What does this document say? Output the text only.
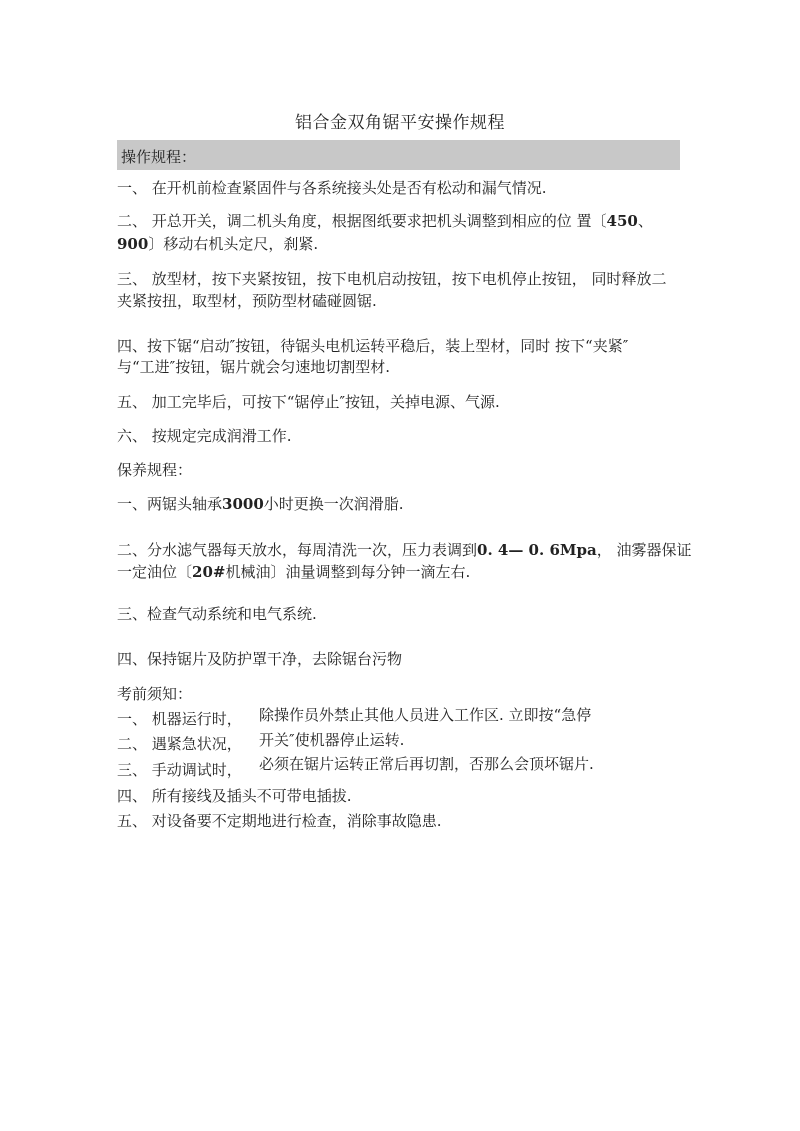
铝合金双角锯平安操作规程
操作规程：
一、 在开机前检查紧固件与各系统接头处是否有松动和漏气情况.
二、 开总开关，调二机头角度，根据图纸要求把机头调整到相应的位 置〔450、
900〕移动右机头定尺，刹紧.
三、 放型材，按下夹紧按钮，按下电机启动按钮，按下电机停止按钮， 同时释放二
夹紧按扭，取型材，预防型材磕碰圆锯.
四、按下锯“启动″按钮，待锯头电机运转平稳后，装上型材，同时 按下“夹紧″
与“工进″按钮，锯片就会匀速地切割型材.
五、 加工完毕后，可按下“锯停止″按钮，关掉电源、气源.
六、 按规定完成润滑工作.
保养规程：
一、两锯头轴承3000小时更换一次润滑脂.
二、分水滤气器每天放水，每周清洗一次，压力表调到0. 4— 0. 6Mpa， 油雾器保证
一定油位〔20#机械油〕油量调整到每分钟一滴左右.
三、检查气动系统和电气系统.
四、保持锯片及防护罩干净，去除锯台污物
考前须知：
一、 机器运行时， 除操作员外禁止其他人员进入工作区. 立即按“急停
二、 遇紧急状况， 开关″使机器停止运转.
三、 手动调试时， 必须在锯片运转正常后再切割，否那么会顶坏锯片.
四、 所有接线及插头不可带电插拔.
五、 对设备要不定期地进行检查，消除事故隐患.
